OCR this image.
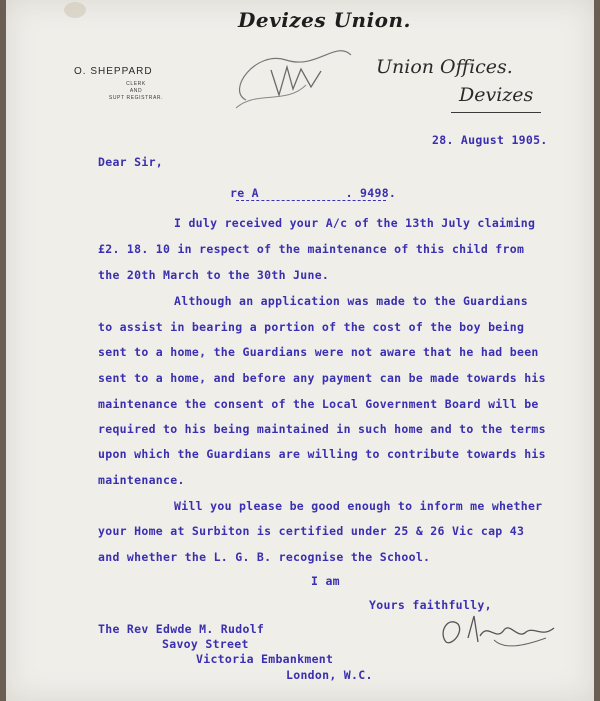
Devizes Union.
O. SHEPPARD
CLERK
AND
SUPT REGISTRAR.
Union Offices.
Devizes
28. August 1905.
Dear Sir,
re A            . 9498.
I duly received your A/c of the 13th July claiming
£2. 18. 10 in respect of the maintenance of this child from
the 20th March to the 30th June.
Although an application was made to the Guardians
to assist in bearing a portion of the cost of the boy being
sent to a home, the Guardians were not aware that he had been
sent to a home, and before any payment can be made towards his
maintenance the consent of the Local Government Board will be
required to his being maintained in such home and to the terms
upon which the Guardians are willing to contribute towards his
maintenance.
Will you please be good enough to inform me whether
your Home at Surbiton is certified under 25 & 26 Vic cap 43
and whether the L. G. B. recognise the School.
I am
Yours faithfully,
The Rev Edwde M. Rudolf
Savoy Street
Victoria Embankment
London, W.C.
